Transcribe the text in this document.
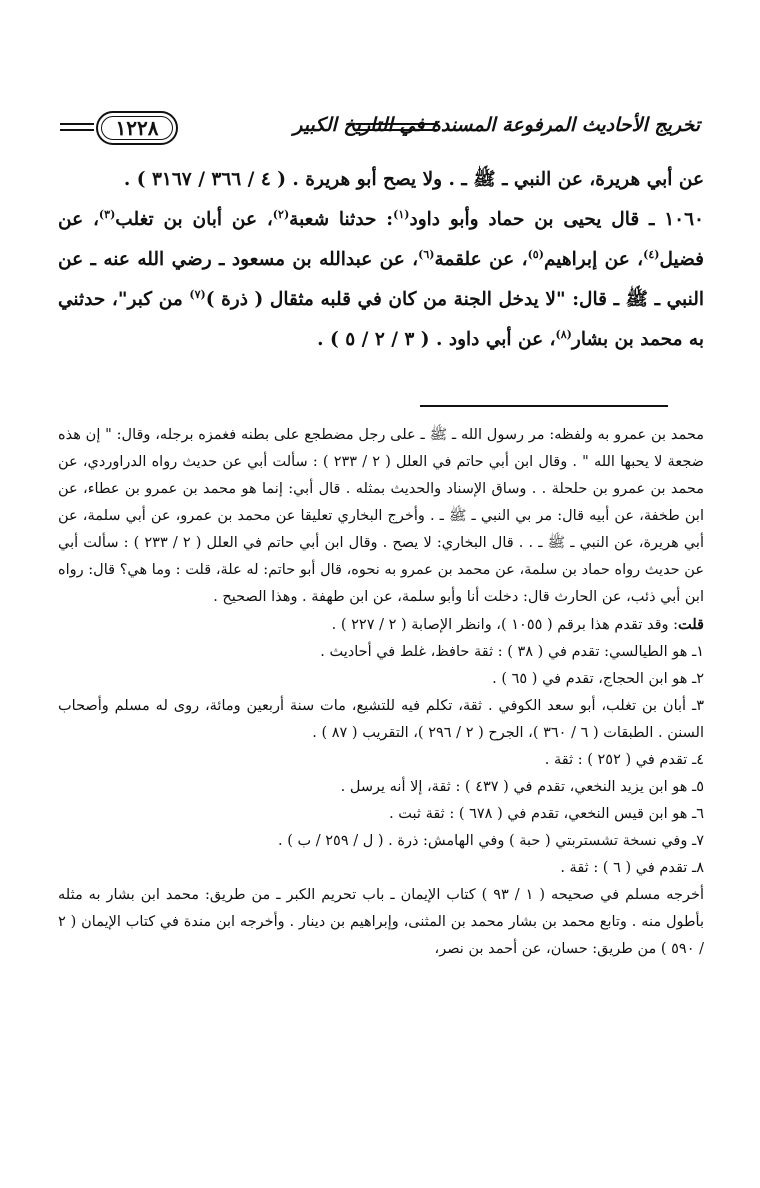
تخريج الأحاديث المرفوعة المسندة في التاريخ الكبير
١٢٢٨

عن أبي هريرة، عن النبي ـ ﷺ ـ . ولا يصح أبو هريرة . ( ٤ / ٣٦٦ / ٣١٦٧ ) .

١٠٦٠ ـ قال يحيى بن حماد وأبو داود$^{(١)}$: حدثنا شعبة$^{(٢)}$، عن أبان بن تغلب$^{(٣)}$، عن فضيل$^{(٤)}$، عن إبراهيم$^{(٥)}$، عن علقمة$^{(٦)}$، عن عبدالله بن مسعود ـ رضي الله عنه ـ عن النبي ـ ﷺ ـ قال: "لا يدخل الجنة من كان في قلبه مثقال ( ذرة )$^{(٧)}$ من كبر"، حدثني به محمد بن بشار$^{(٨)}$، عن أبي داود . ( ٣ / ٢ / ٥ ) .

محمد بن عمرو به ولفظه: مر رسول الله ـ ﷺ ـ على رجل مضطجع على بطنه فغمزه برجله، وقال: " إن هذه ضجعة لا يحبها الله " . وقال ابن أبي حاتم في العلل ( ٢ / ٢٣٣ ) : سألت أبي عن حديث رواه الدراوردي، عن محمد بن عمرو بن حلحلة . . وساق الإسناد والحديث بمثله . قال أبي: إنما هو محمد بن عمرو بن عطاء، عن ابن طخفة، عن أبيه قال: مر بي النبي ـ ﷺ ـ . وأخرج البخاري تعليقا عن محمد بن عمرو، عن أبي سلمة، عن أبي هريرة، عن النبي ـ ﷺ ـ . . قال البخاري: لا يصح . وقال ابن أبي حاتم في العلل ( ٢ / ٢٣٣ ) : سألت أبي عن حديث رواه حماد بن سلمة، عن محمد بن عمرو به نحوه، قال أبو حاتم: له علة، قلت : وما هي؟ قال: رواه ابن أبي ذئب، عن الحارث قال: دخلت أنا وأبو سلمة، عن ابن طهفة . وهذا الصحيح .

قلت: وقد تقدم هذا برقم ( ١٠٥٥ )، وانظر الإصابة ( ٢ / ٢٢٧ ) .

١ـ هو الطيالسي: تقدم في ( ٣٨ ) : ثقة حافظ، غلط في أحاديث .

٢ـ هو ابن الحجاج، تقدم في ( ٦٥ ) .

٣ـ أبان بن تغلب، أبو سعد الكوفي . ثقة، تكلم فيه للتشيع، مات سنة أربعين ومائة، روى له مسلم وأصحاب السنن . الطبقات ( ٦ / ٣٦٠ )، الجرح ( ٢ / ٢٩٦ )، التقريب ( ٨٧ ) .

٤ـ تقدم في ( ٢٥٢ ) : ثقة .

٥ـ هو ابن يزيد النخعي، تقدم في ( ٤٣٧ ) : ثقة، إلا أنه يرسل .

٦ـ هو ابن قيس النخعي، تقدم في ( ٦٧٨ ) : ثقة ثبت .

٧ـ وفي نسخة تشستربتي ( حبة ) وفي الهامش: ذرة . ( ل / ٢٥٩ / ب ) .

٨ـ تقدم في ( ٦ ) : ثقة .

أخرجه مسلم في صحيحه ( ١ / ٩٣ ) كتاب الإيمان ـ باب تحريم الكبر ـ من طريق: محمد ابن بشار به مثله بأطول منه . وتابع محمد بن بشار محمد بن المثنى، وإبراهيم بن دينار . وأخرجه ابن مندة في كتاب الإيمان ( ٢ / ٥٩٠ ) من طريق: حسان، عن أحمد بن نصر،
